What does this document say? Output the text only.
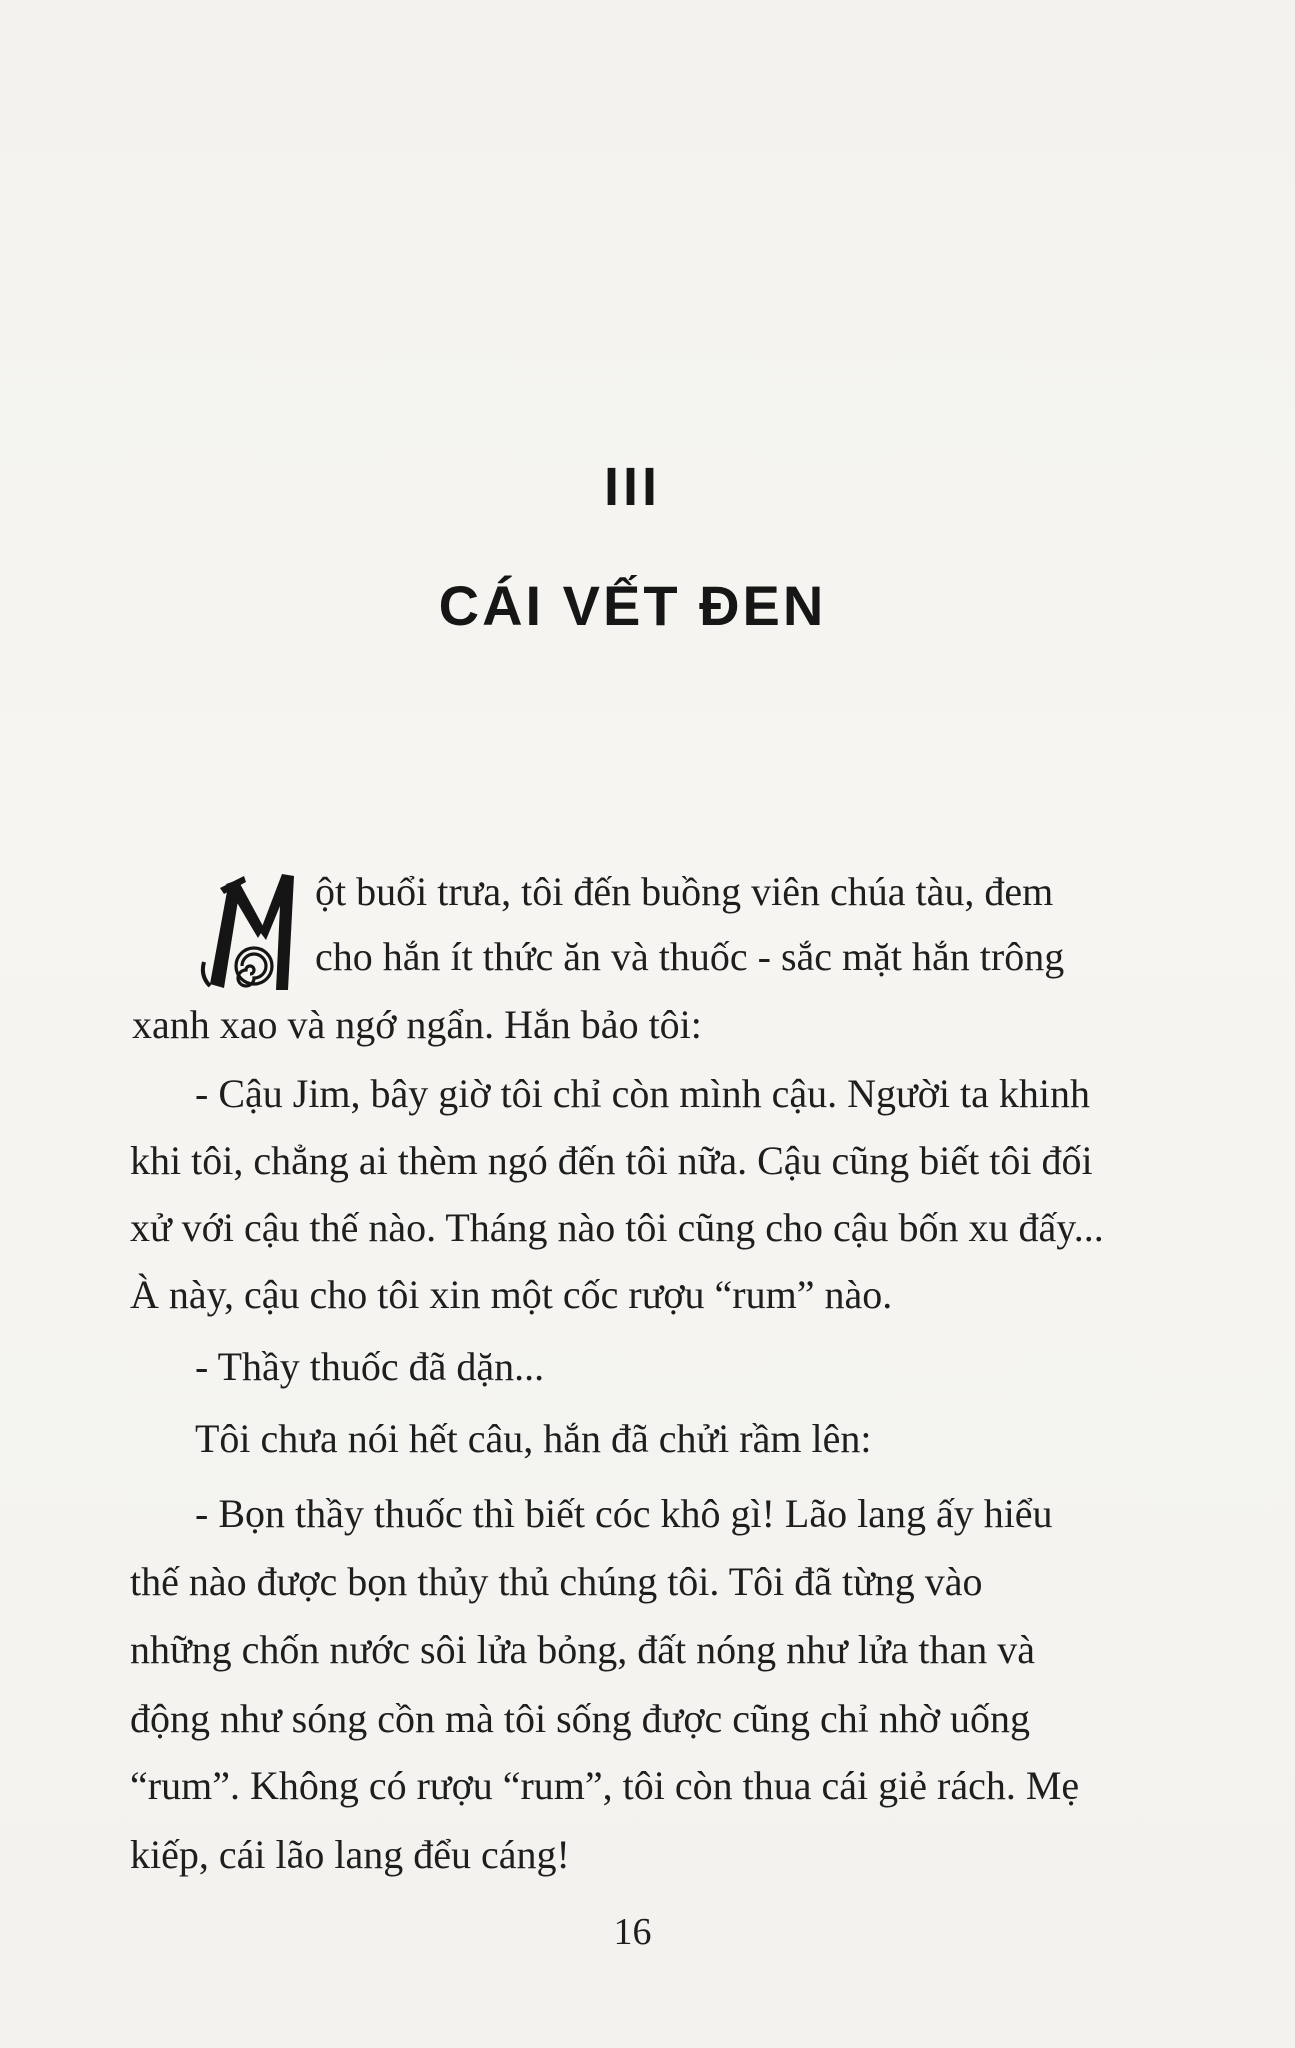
III
CÁI VẾT ĐEN
ột buổi trưa, tôi đến buồng viên chúa tàu, đem
cho hắn ít thức ăn và thuốc - sắc mặt hắn trông
xanh xao và ngớ ngẩn. Hắn bảo tôi:
- Cậu Jim, bây giờ tôi chỉ còn mình cậu. Người ta khinh
khi tôi, chẳng ai thèm ngó đến tôi nữa. Cậu cũng biết tôi đối
xử với cậu thế nào. Tháng nào tôi cũng cho cậu bốn xu đấy...
À này, cậu cho tôi xin một cốc rượu “rum” nào.
- Thầy thuốc đã dặn...
Tôi chưa nói hết câu, hắn đã chửi rầm lên:
- Bọn thầy thuốc thì biết cóc khô gì! Lão lang ấy hiểu
thế nào được bọn thủy thủ chúng tôi. Tôi đã từng vào
những chốn nước sôi lửa bỏng, đất nóng như lửa than và
động như sóng cồn mà tôi sống được cũng chỉ nhờ uống
“rum”. Không có rượu “rum”, tôi còn thua cái giẻ rách. Mẹ
kiếp, cái lão lang đểu cáng!
16
